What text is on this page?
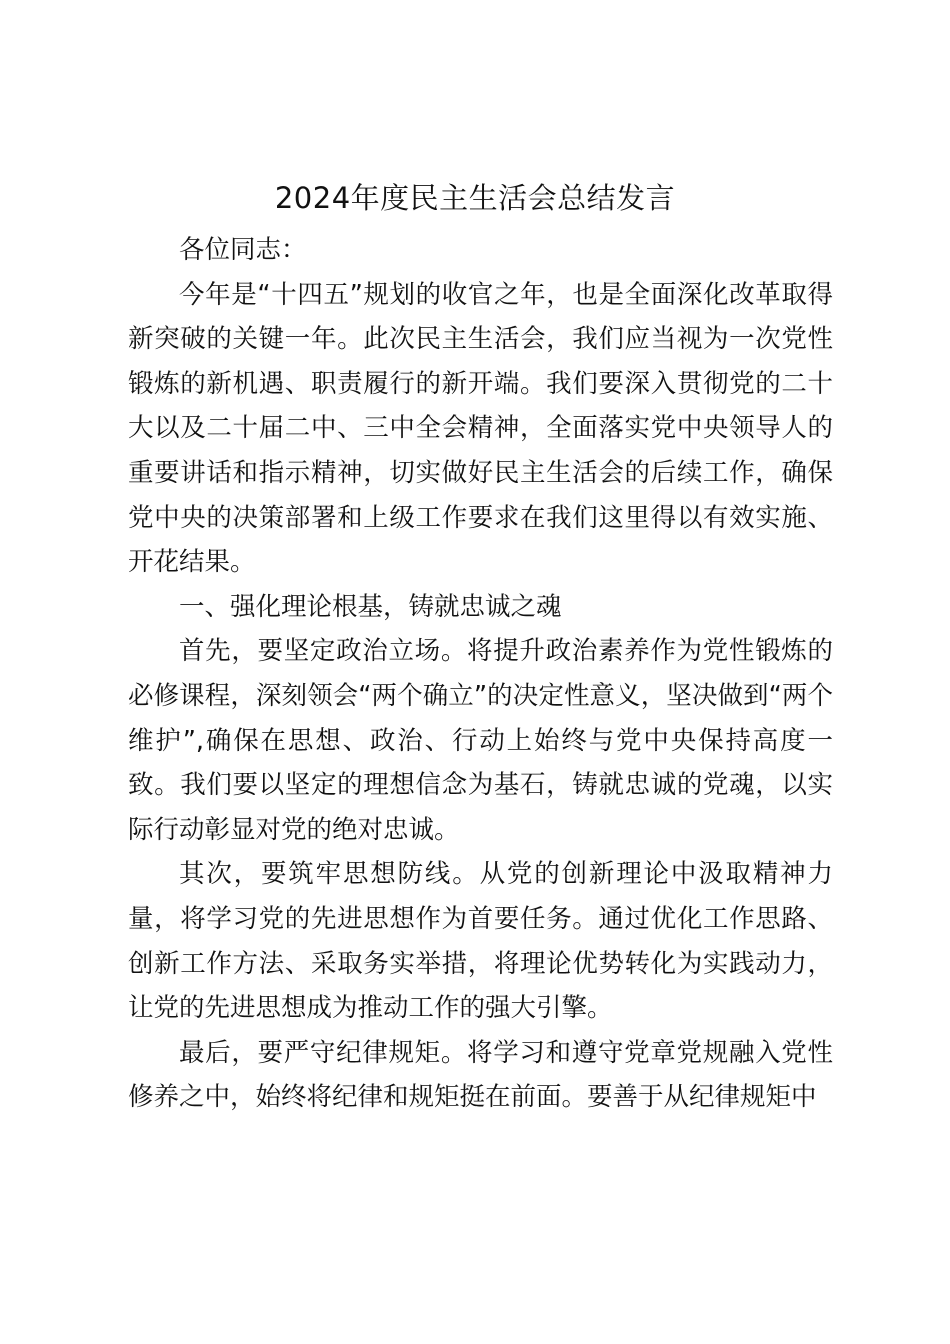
2024年度民主生活会总结发言

各位同志：

今年是“十四五”规划的收官之年，也是全面深化改革取得新突破的关键一年。此次民主生活会，我们应当视为一次党性锻炼的新机遇、职责履行的新开端。我们要深入贯彻党的二十大以及二十届二中、三中全会精神，全面落实党中央领导人的重要讲话和指示精神，切实做好民主生活会的后续工作，确保党中央的决策部署和上级工作要求在我们这里得以有效实施、开花结果。

一、强化理论根基，铸就忠诚之魂

首先，要坚定政治立场。将提升政治素养作为党性锻炼的必修课程，深刻领会“两个确立”的决定性意义，坚决做到“两个维护”,确保在思想、政治、行动上始终与党中央保持高度一致。我们要以坚定的理想信念为基石，铸就忠诚的党魂，以实际行动彰显对党的绝对忠诚。

其次，要筑牢思想防线。从党的创新理论中汲取精神力量，将学习党的先进思想作为首要任务。通过优化工作思路、创新工作方法、采取务实举措，将理论优势转化为实践动力，让党的先进思想成为推动工作的强大引擎。

最后，要严守纪律规矩。将学习和遵守党章党规融入党性修养之中，始终将纪律和规矩挺在前面。要善于从纪律规矩中
